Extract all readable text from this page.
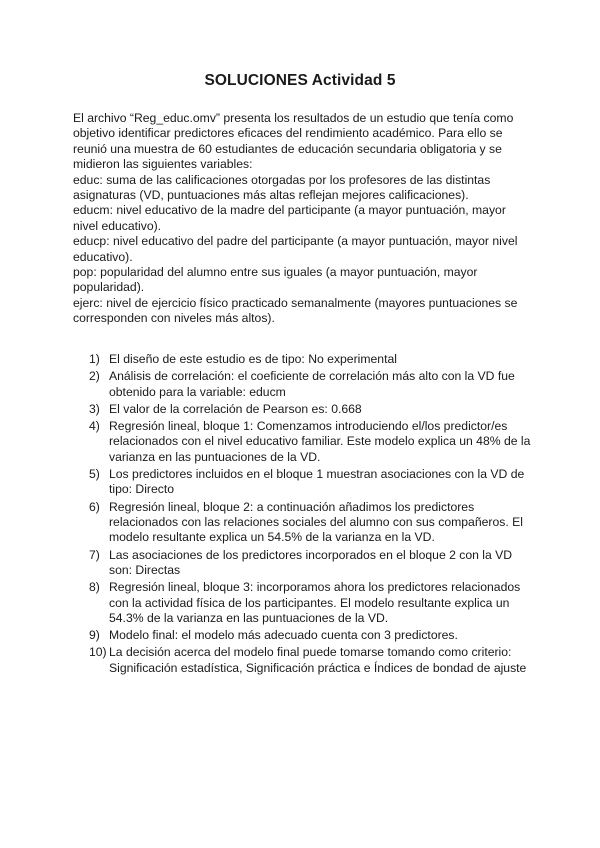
SOLUCIONES Actividad 5

El archivo “Reg_educ.omv” presenta los resultados de un estudio que tenía como objetivo identificar predictores eficaces del rendimiento académico. Para ello se reunió una muestra de 60 estudiantes de educación secundaria obligatoria y se midieron las siguientes variables:

educ: suma de las calificaciones otorgadas por los profesores de las distintas asignaturas (VD, puntuaciones más altas reflejan mejores calificaciones).

educm: nivel educativo de la madre del participante (a mayor puntuación, mayor nivel educativo).

educp: nivel educativo del padre del participante (a mayor puntuación, mayor nivel educativo).

pop: popularidad del alumno entre sus iguales (a mayor puntuación, mayor popularidad).

ejerc: nivel de ejercicio físico practicado semanalmente (mayores puntuaciones se corresponden con niveles más altos).

1) El diseño de este estudio es de tipo: No experimental
2) Análisis de correlación: el coeficiente de correlación más alto con la VD fue obtenido para la variable: educm
3) El valor de la correlación de Pearson es: 0.668
4) Regresión lineal, bloque 1: Comenzamos introduciendo el/los predictor/es relacionados con el nivel educativo familiar. Este modelo explica un 48% de la varianza en las puntuaciones de la VD.
5) Los predictores incluidos en el bloque 1 muestran asociaciones con la VD de tipo: Directo
6) Regresión lineal, bloque 2: a continuación añadimos los predictores relacionados con las relaciones sociales del alumno con sus compañeros. El modelo resultante explica un 54.5% de la varianza en la VD.
7) Las asociaciones de los predictores incorporados en el bloque 2 con la VD son: Directas
8) Regresión lineal, bloque 3: incorporamos ahora los predictores relacionados con la actividad física de los participantes. El modelo resultante explica un 54.3% de la varianza en las puntuaciones de la VD.
9) Modelo final: el modelo más adecuado cuenta con 3 predictores.
10) La decisión acerca del modelo final puede tomarse tomando como criterio: Significación estadística, Significación práctica e Índices de bondad de ajuste
